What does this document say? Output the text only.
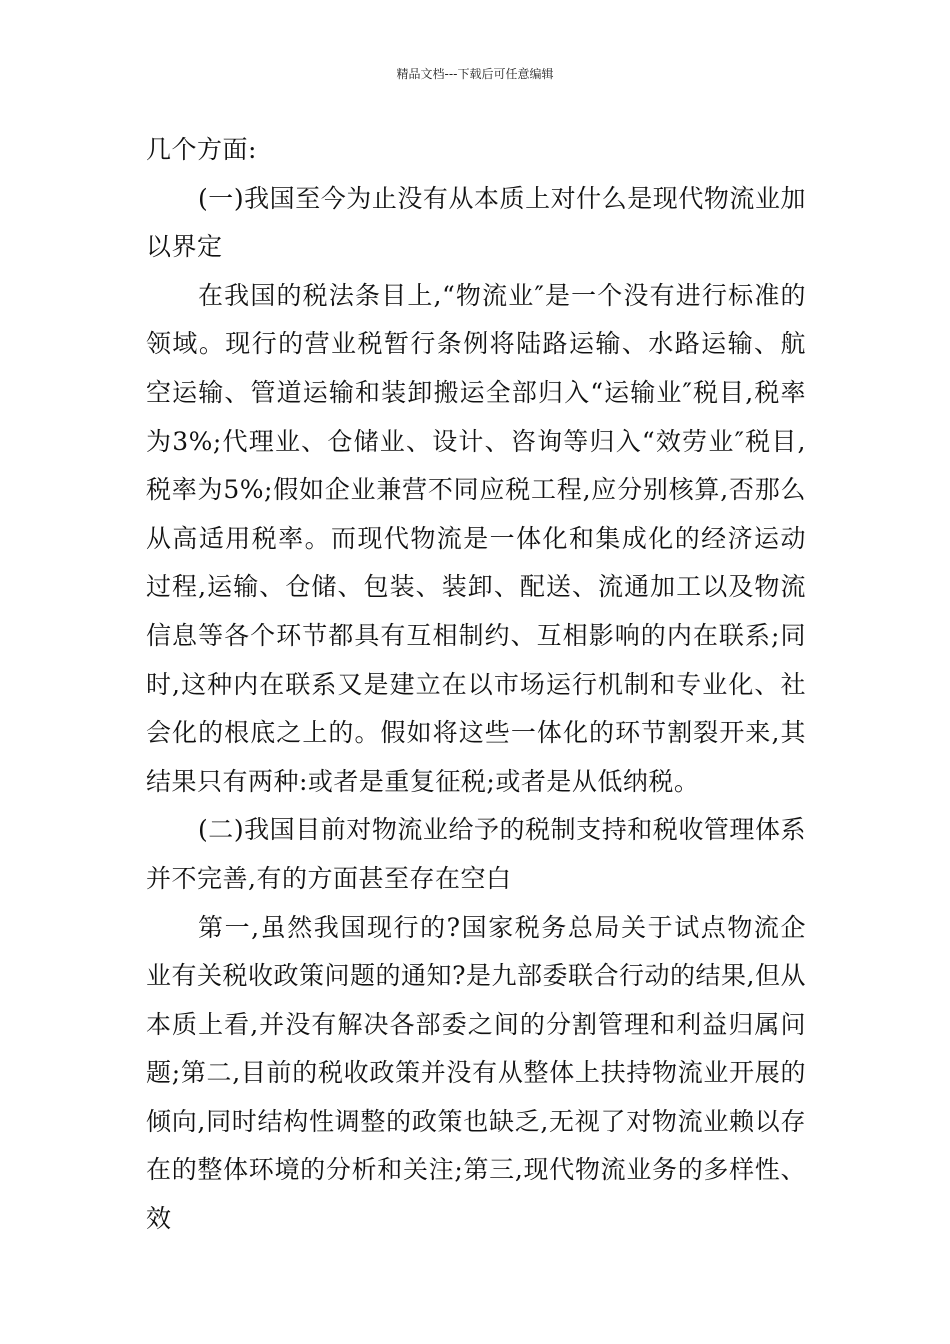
精品文档---下载后可任意编辑

几个方面:

(一)我国至今为止没有从本质上对什么是现代物流业加以界定

在我国的税法条目上,“物流业″是一个没有进行标准的领域。现行的营业税暂行条例将陆路运输、水路运输、航空运输、管道运输和装卸搬运全部归入“运输业″税目,税率为3%;代理业、仓储业、设计、咨询等归入“效劳业″税目,税率为5%;假如企业兼营不同应税工程,应分别核算,否那么从高适用税率。而现代物流是一体化和集成化的经济运动过程,运输、仓储、包装、装卸、配送、流通加工以及物流信息等各个环节都具有互相制约、互相影响的内在联系;同时,这种内在联系又是建立在以市场运行机制和专业化、社会化的根底之上的。假如将这些一体化的环节割裂开来,其结果只有两种:或者是重复征税;或者是从低纳税。

(二)我国目前对物流业给予的税制支持和税收管理体系并不完善,有的方面甚至存在空白

第一,虽然我国现行的?国家税务总局关于试点物流企业有关税收政策问题的通知?是九部委联合行动的结果,但从本质上看,并没有解决各部委之间的分割管理和利益归属问题;第二,目前的税收政策并没有从整体上扶持物流业开展的倾向,同时结构性调整的政策也缺乏,无视了对物流业赖以存在的整体环境的分析和关注;第三,现代物流业务的多样性、效
